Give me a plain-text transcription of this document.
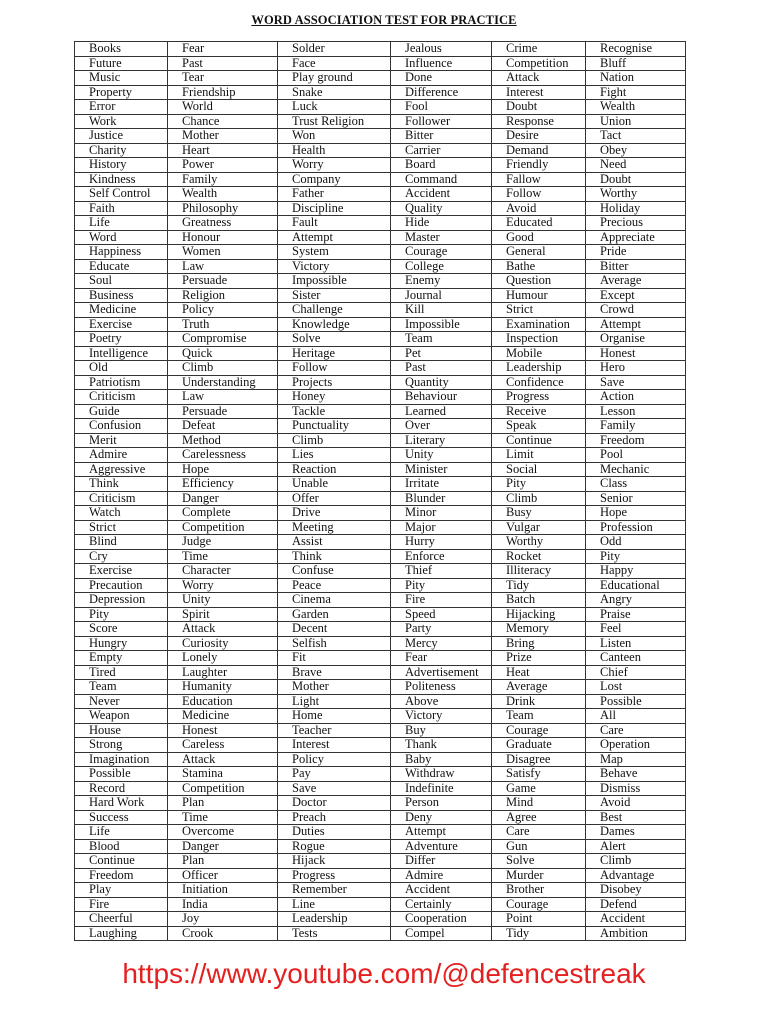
WORD ASSOCIATION TEST FOR PRACTICE
Books	Fear	Solder	Jealous	Crime	Recognise
Future	Past	Face	Influence	Competition	Bluff
Music	Tear	Play ground	Done	Attack	Nation
Property	Friendship	Snake	Difference	Interest	Fight
Error	World	Luck	Fool	Doubt	Wealth
Work	Chance	Trust Religion	Follower	Response	Union
Justice	Mother	Won	Bitter	Desire	Tact
Charity	Heart	Health	Carrier	Demand	Obey
History	Power	Worry	Board	Friendly	Need
Kindness	Family	Company	Command	Fallow	Doubt
Self Control	Wealth	Father	Accident	Follow	Worthy
Faith	Philosophy	Discipline	Quality	Avoid	Holiday
Life	Greatness	Fault	Hide	Educated	Precious
Word	Honour	Attempt	Master	Good	Appreciate
Happiness	Women	System	Courage	General	Pride
Educate	Law	Victory	College	Bathe	Bitter
Soul	Persuade	Impossible	Enemy	Question	Average
Business	Religion	Sister	Journal	Humour	Except
Medicine	Policy	Challenge	Kill	Strict	Crowd
Exercise	Truth	Knowledge	Impossible	Examination	Attempt
Poetry	Compromise	Solve	Team	Inspection	Organise
Intelligence	Quick	Heritage	Pet	Mobile	Honest
Old	Climb	Follow	Past	Leadership	Hero
Patriotism	Understanding	Projects	Quantity	Confidence	Save
Criticism	Law	Honey	Behaviour	Progress	Action
Guide	Persuade	Tackle	Learned	Receive	Lesson
Confusion	Defeat	Punctuality	Over	Speak	Family
Merit	Method	Climb	Literary	Continue	Freedom
Admire	Carelessness	Lies	Unity	Limit	Pool
Aggressive	Hope	Reaction	Minister	Social	Mechanic
Think	Efficiency	Unable	Irritate	Pity	Class
Criticism	Danger	Offer	Blunder	Climb	Senior
Watch	Complete	Drive	Minor	Busy	Hope
Strict	Competition	Meeting	Major	Vulgar	Profession
Blind	Judge	Assist	Hurry	Worthy	Odd
Cry	Time	Think	Enforce	Rocket	Pity
Exercise	Character	Confuse	Thief	Illiteracy	Happy
Precaution	Worry	Peace	Pity	Tidy	Educational
Depression	Unity	Cinema	Fire	Batch	Angry
Pity	Spirit	Garden	Speed	Hijacking	Praise
Score	Attack	Decent	Party	Memory	Feel
Hungry	Curiosity	Selfish	Mercy	Bring	Listen
Empty	Lonely	Fit	Fear	Prize	Canteen
Tired	Laughter	Brave	Advertisement	Heat	Chief
Team	Humanity	Mother	Politeness	Average	Lost
Never	Education	Light	Above	Drink	Possible
Weapon	Medicine	Home	Victory	Team	All
House	Honest	Teacher	Buy	Courage	Care
Strong	Careless	Interest	Thank	Graduate	Operation
Imagination	Attack	Policy	Baby	Disagree	Map
Possible	Stamina	Pay	Withdraw	Satisfy	Behave
Record	Competition	Save	Indefinite	Game	Dismiss
Hard Work	Plan	Doctor	Person	Mind	Avoid
Success	Time	Preach	Deny	Agree	Best
Life	Overcome	Duties	Attempt	Care	Dames
Blood	Danger	Rogue	Adventure	Gun	Alert
Continue	Plan	Hijack	Differ	Solve	Climb
Freedom	Officer	Progress	Admire	Murder	Advantage
Play	Initiation	Remember	Accident	Brother	Disobey
Fire	India	Line	Certainly	Courage	Defend
Cheerful	Joy	Leadership	Cooperation	Point	Accident
Laughing	Crook	Tests	Compel	Tidy	Ambition
https://www.youtube.com/@defencestreak
